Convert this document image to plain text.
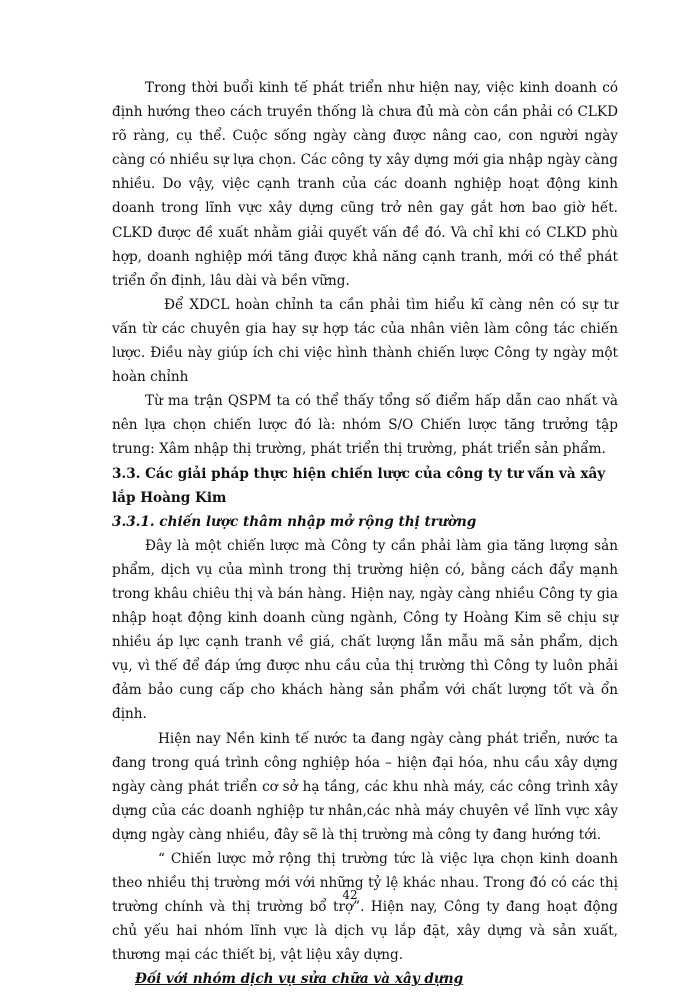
Trong thời buổi kinh tế phát triển như hiện nay, việc kinh doanh có định hướng theo cách truyền thống là chưa đủ mà còn cần phải có CLKD rõ ràng, cụ thể. Cuộc sống ngày càng được nâng cao, con người ngày càng có nhiều sự lựa chọn. Các công ty xây dựng mới gia nhập ngày càng nhiều. Do vậy, việc cạnh tranh của các doanh nghiệp hoạt động kinh doanh trong lĩnh vực xây dựng cũng trở nên gay gắt hơn bao giờ hết. CLKD được đề xuất nhằm giải quyết vấn đề đó. Và chỉ khi có CLKD phù hợp, doanh nghiệp mới tăng được khả năng cạnh tranh, mới có thể phát triển ổn định, lâu dài và bền vững.

Để XDCL hoàn chỉnh ta cần phải tìm hiểu kĩ càng nên có sự tư vấn từ các chuyên gia hay sự hợp tác của nhân viên làm công tác chiến lược. Điều này giúp ích chi việc hình thành chiến lược Công ty ngày một hoàn chỉnh

Từ ma trận QSPM ta có thể thấy tổng số điểm hấp dẫn cao nhất và nên lựa chọn chiến lược đó là: nhóm S/O Chiến lược tăng trưởng tập trung: Xâm nhập thị trường, phát triển thị trường, phát triển sản phẩm.

3.3. Các giải pháp thực hiện chiến lược của công ty tư vấn và xây lắp Hoàng Kim
3.3.1. chiến lược thâm nhập mở rộng thị trường

Đây là một chiến lược mà Công ty cần phải làm gia tăng lượng sản phẩm, dịch vụ của mình trong thị trường hiện có, bằng cách đẩy mạnh trong khâu chiêu thị và bán hàng. Hiện nay, ngày càng nhiều Công ty gia nhập hoạt động kinh doanh cùng ngành, Công ty Hoàng Kim sẽ chịu sự nhiều áp lực cạnh tranh về giá, chất lượng lẫn mẫu mã sản phẩm, dịch vụ, vì thế để đáp ứng được nhu cầu của thị trường thì Công ty luôn phải đảm bảo cung cấp cho khách hàng sản phẩm với chất lượng tốt và ổn định.

Hiện nay Nền kinh tế nước ta đang ngày càng phát triển, nước ta đang trong quá trình công nghiệp hóa – hiện đại hóa, nhu cầu xây dựng ngày càng phát triển cơ sở hạ tầng, các khu nhà máy, các công trình xây dựng của các doanh nghiệp tư nhân,các nhà máy chuyên về lĩnh vực xây dựng ngày càng nhiều, đây sẽ là thị trường mà công ty đang hướng tới.

“ Chiến lược mở rộng thị trường tức là việc lựa chọn kinh doanh theo nhiều thị trường mới với những tỷ lệ khác nhau. Trong đó có các thị trường chính và thị trường bổ trợ”. Hiện nay, Công ty đang hoạt động chủ yếu hai nhóm lĩnh vực là dịch vụ lắp đặt, xây dựng và sản xuất, thương mại các thiết bị, vật liệu xây dựng.

Đối với nhóm dịch vụ sửa chữa và xây dựng
42
